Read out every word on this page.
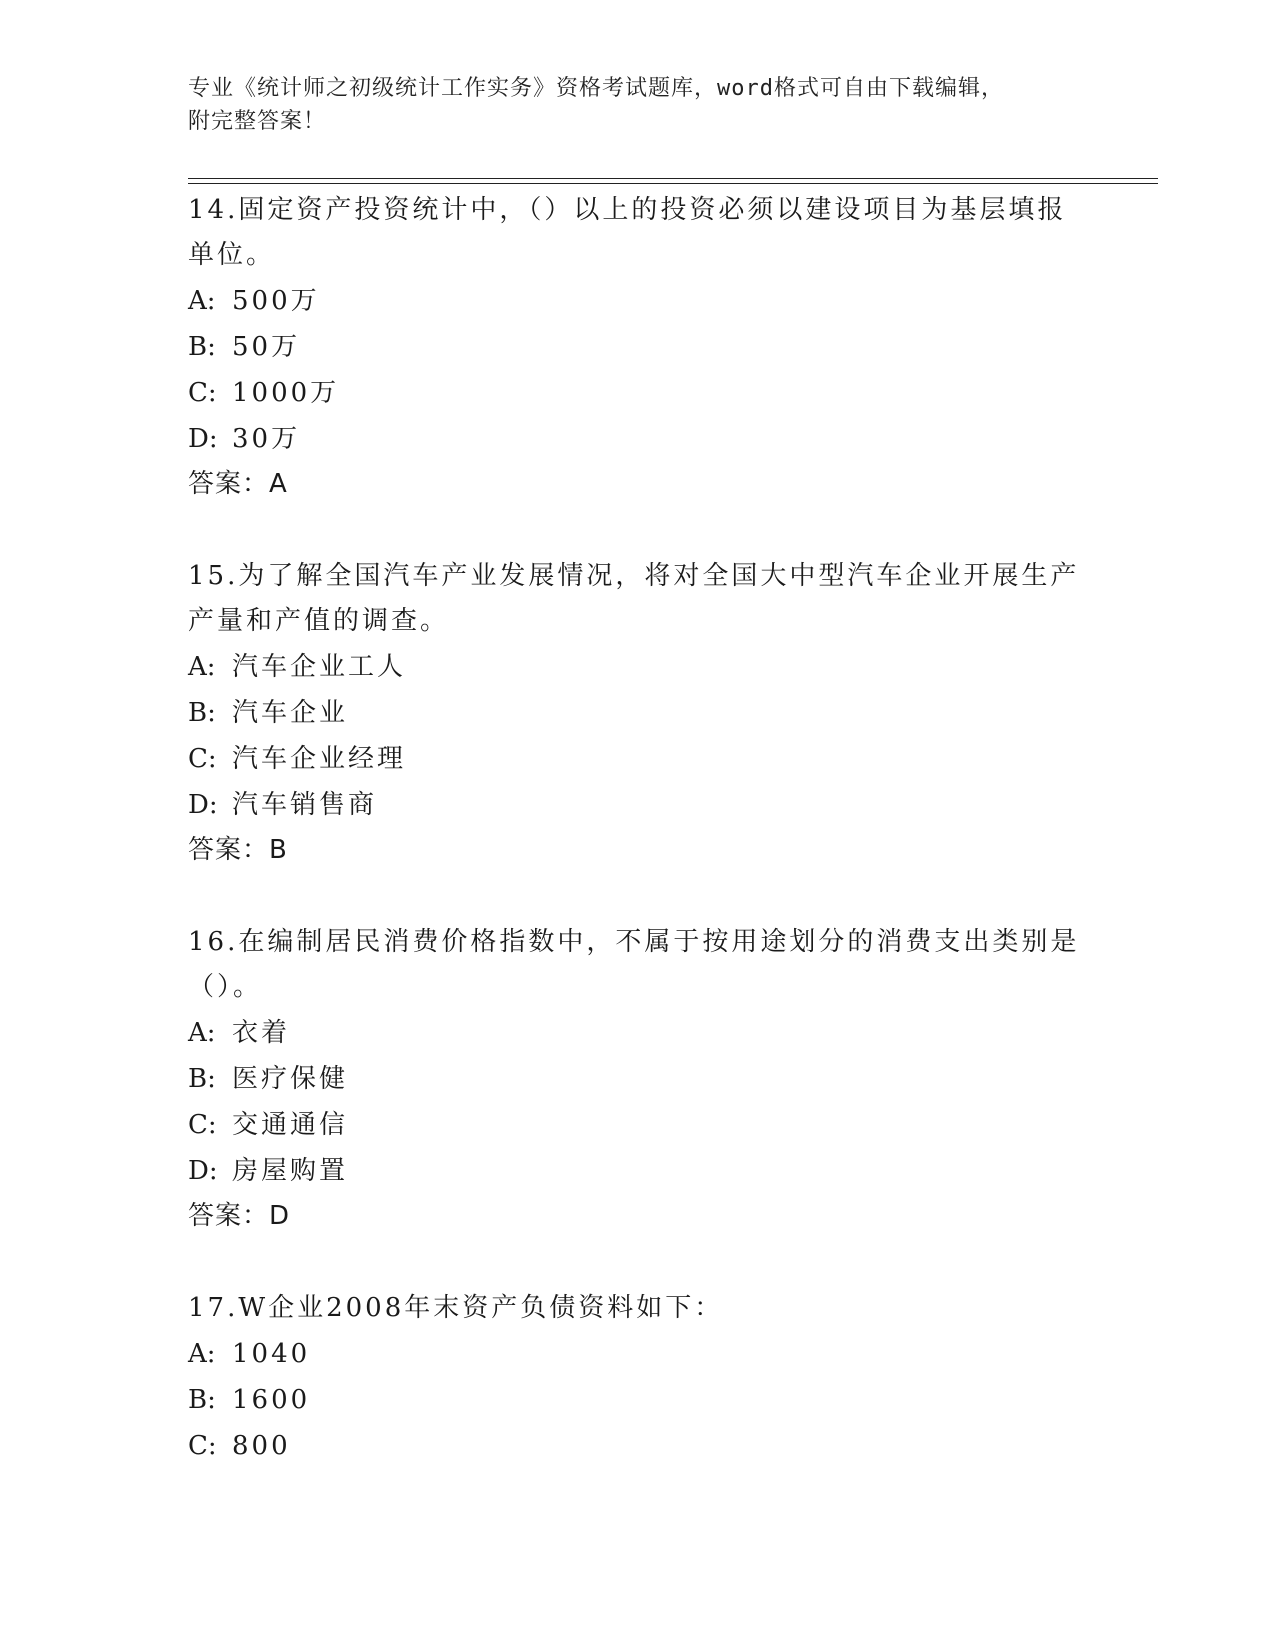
专业《统计师之初级统计工作实务》资格考试题库，word格式可自由下载编辑，
附完整答案！

14.固定资产投资统计中，（）以上的投资必须以建设项目为基层填报

单位。

A: 500万

B: 50万

C: 1000万

D: 30万

答案：A

15.为了解全国汽车产业发展情况，将对全国大中型汽车企业开展生产

产量和产值的调查。

A: 汽车企业工人

B: 汽车企业

C: 汽车企业经理

D: 汽车销售商

答案：B

16.在编制居民消费价格指数中，不属于按用途划分的消费支出类别是

（）。

A: 衣着

B: 医疗保健

C: 交通通信

D: 房屋购置

答案：D

17.W企业2008年末资产负债资料如下：

A: 1040

B: 1600

C: 800
